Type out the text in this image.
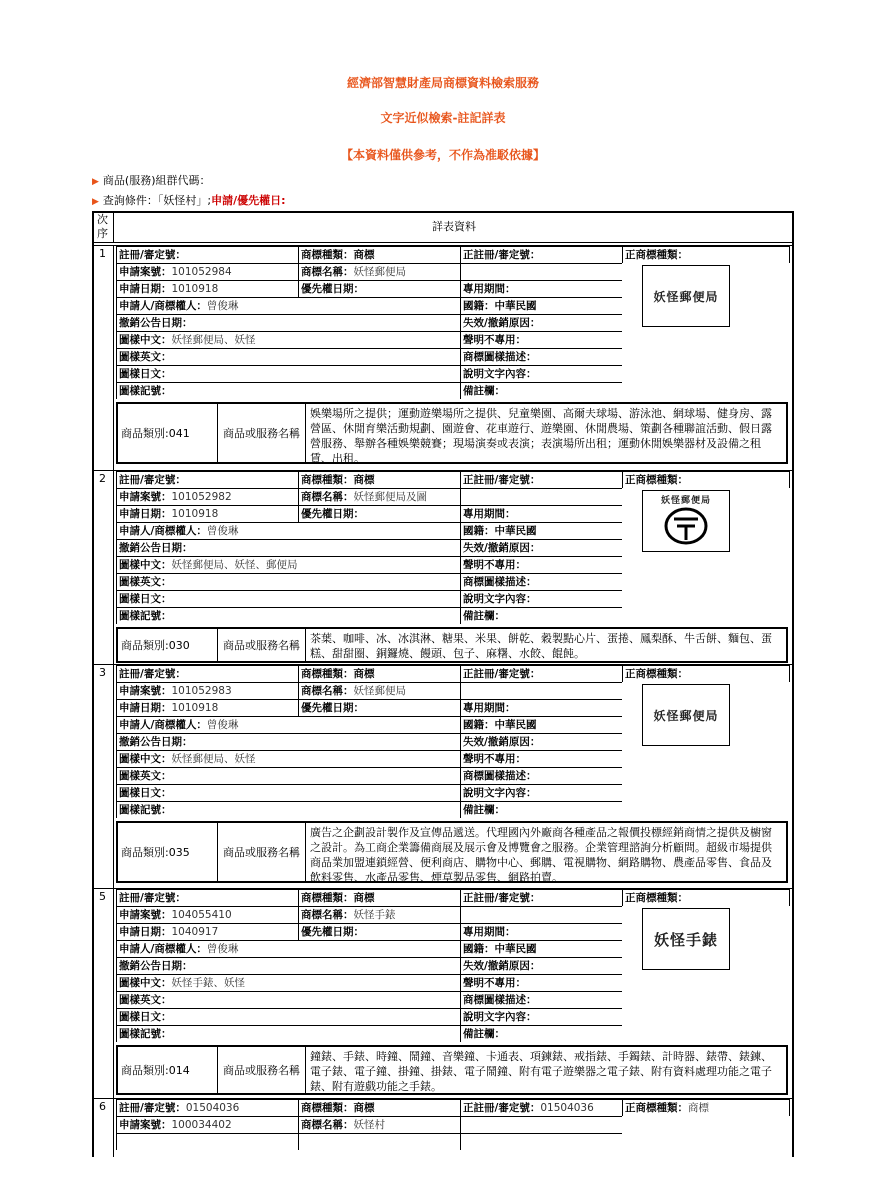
經濟部智慧財產局商標資料檢索服務
文字近似檢索-註記詳表
【本資料僅供參考，不作為准駁依據】
▶ 商品(服務)組群代碼：
▶ 查詢條件：「妖怪村」;申請/優先權日:
次序
詳表資料
1	註冊/審定號：	商標種類：商標	正註冊/審定號：	正商標種類：
申請案號：101052984	商標名稱：妖怪郵便局
申請日期：1010918	優先權日期：	專用期間：
申請人/商標權人：曾俊琳	國籍：中華民國
撤銷公告日期：	失效/撤銷原因：
圖樣中文：妖怪郵便局、妖怪	聲明不專用：
圖樣英文：	商標圖樣描述：
圖樣日文：	說明文字內容：
圖樣記號：	備註欄：
妖怪郵便局
商品類別: 041	商品或服務名稱
娛樂場所之提供；運動遊樂場所之提供、兒童樂園、高爾夫球場、游泳池、網球場、健身房、露營區、休閒育樂活動規劃、園遊會、花車遊行、遊樂園、休閒農場、策劃各種聯誼活動、假日露營服務、舉辦各種娛樂競賽；現場演奏或表演；表演場所出租；運動休閒娛樂器材及設備之租賃、出租。
2	註冊/審定號：	商標種類：商標	正註冊/審定號：	正商標種類：
申請案號：101052982	商標名稱：妖怪郵便局及圖
申請日期：1010918	優先權日期：	專用期間：
申請人/商標權人：曾俊琳	國籍：中華民國
撤銷公告日期：	失效/撤銷原因：
圖樣中文：妖怪郵便局、妖怪、郵便局	聲明不專用：
圖樣英文：	商標圖樣描述：
圖樣日文：	說明文字內容：
圖樣記號：	備註欄：
妖怪郵便局
商品類別: 030	商品或服務名稱
茶葉、咖啡、冰、冰淇淋、糖果、米果、餅乾、穀製點心片、蛋捲、鳳梨酥、牛舌餅、麵包、蛋糕、甜甜圈、銅鑼燒、饅頭、包子、麻糬、水餃、餛飩。
3	註冊/審定號：	商標種類：商標	正註冊/審定號：	正商標種類：
申請案號：101052983	商標名稱：妖怪郵便局
申請日期：1010918	優先權日期：	專用期間：
申請人/商標權人：曾俊琳	國籍：中華民國
撤銷公告日期：	失效/撤銷原因：
圖樣中文：妖怪郵便局、妖怪	聲明不專用：
圖樣英文：	商標圖樣描述：
圖樣日文：	說明文字內容：
圖樣記號：	備註欄：
妖怪郵便局
商品類別: 035	商品或服務名稱
廣告之企劃設計製作及宣傳品遞送。代理國內外廠商各種產品之報價投標經銷商情之提供及櫥窗之設計。為工商企業籌備商展及展示會及博覽會之服務。企業管理諮詢分析顧問。超級市場提供商品業加盟連鎖經營、便利商店、購物中心、郵購、電視購物、網路購物、農產品零售、食品及飲料零售、水產品零售、煙草製品零售、網路拍賣。
5	註冊/審定號：	商標種類：商標	正註冊/審定號：	正商標種類：
申請案號：104055410	商標名稱：妖怪手錶
申請日期：1040917	優先權日期：	專用期間：
申請人/商標權人：曾俊琳	國籍：中華民國
撤銷公告日期：	失效/撤銷原因：
圖樣中文：妖怪手錶、妖怪	聲明不專用：
圖樣英文：	商標圖樣描述：
圖樣日文：	說明文字內容：
圖樣記號：	備註欄：
妖怪手錶
商品類別: 014	商品或服務名稱
鐘錶、手錶、時鐘、鬧鐘、音樂鐘、卡通表、項鍊錶、戒指錶、手鐲錶、計時器、錶帶、錶鍊、電子錶、電子鐘、掛鐘、掛錶、電子鬧鐘、附有電子遊樂器之電子錶、附有資料處理功能之電子錶、附有遊戲功能之手錶。
6	註冊/審定號：01504036	商標種類：商標	正註冊/審定號：01504036	正商標種類：商標
申請案號：100034402	商標名稱：妖怪村
